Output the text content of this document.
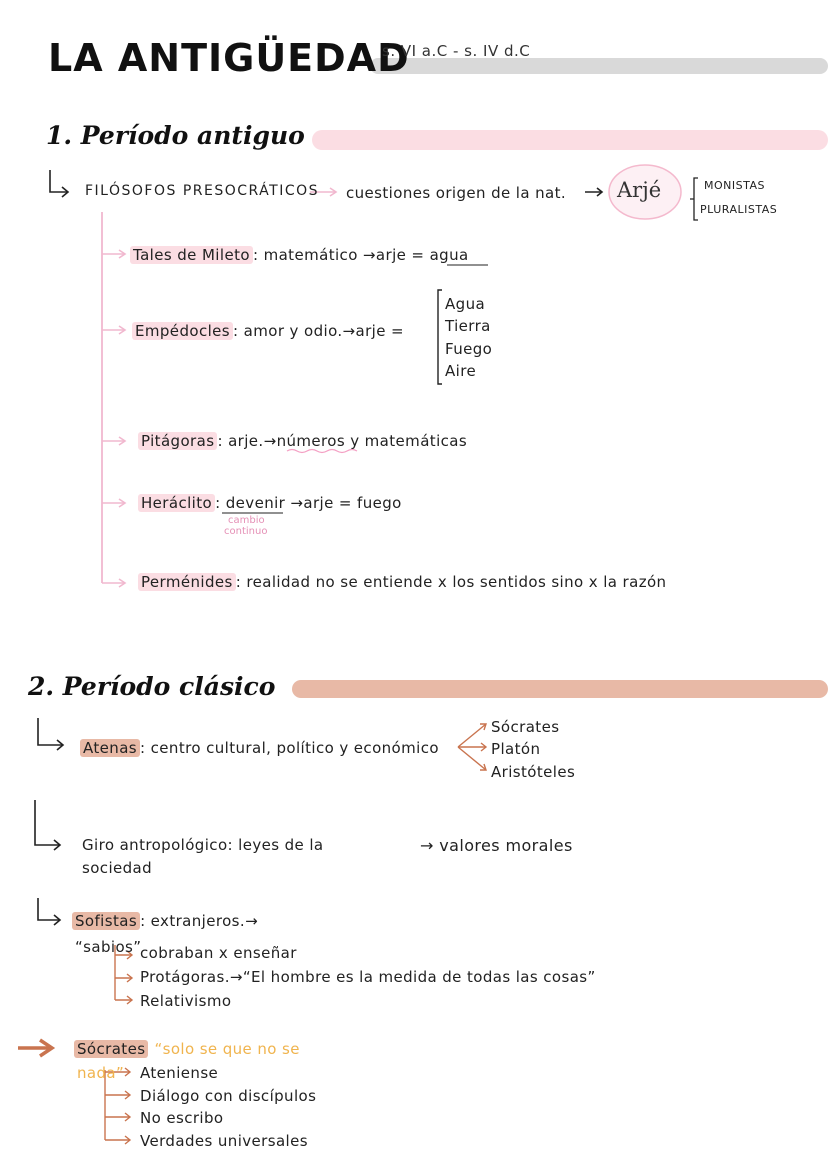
LA ANTIGÜEDAD
s. VI a.C - s. IV d.C
1. Período antiguo
FILÓSOFOS PRESOCRÁTICOS cuestiones origen de la nat. Arjé	MONISTAS
PLURALISTAS
Tales de Mileto : matemático →arje = agua
Empédocles : amor y odio.→arje =
Agua
Tierra
Fuego
Aire
Pitágoras : arje.→números y matemáticas
Heráclito : devenir →arje = fuego
cambio
continuo
Perménides : realidad no se entiende x los sentidos sino x la razón
2. Período clásico
Atenas : centro cultural, político y económico
Sócrates
Platón
Aristóteles
Giro antropológico: leyes de la
sociedad
→ valores morales
Sofistas : extranjeros.→
“sabios”
cobraban x enseñar
Protágoras.→“El hombre es la medida de todas las cosas”
Relativismo
Sócrates “solo se que no se
nada” Ateniense
Diálogo con discípulos
No escribo
Verdades universales
